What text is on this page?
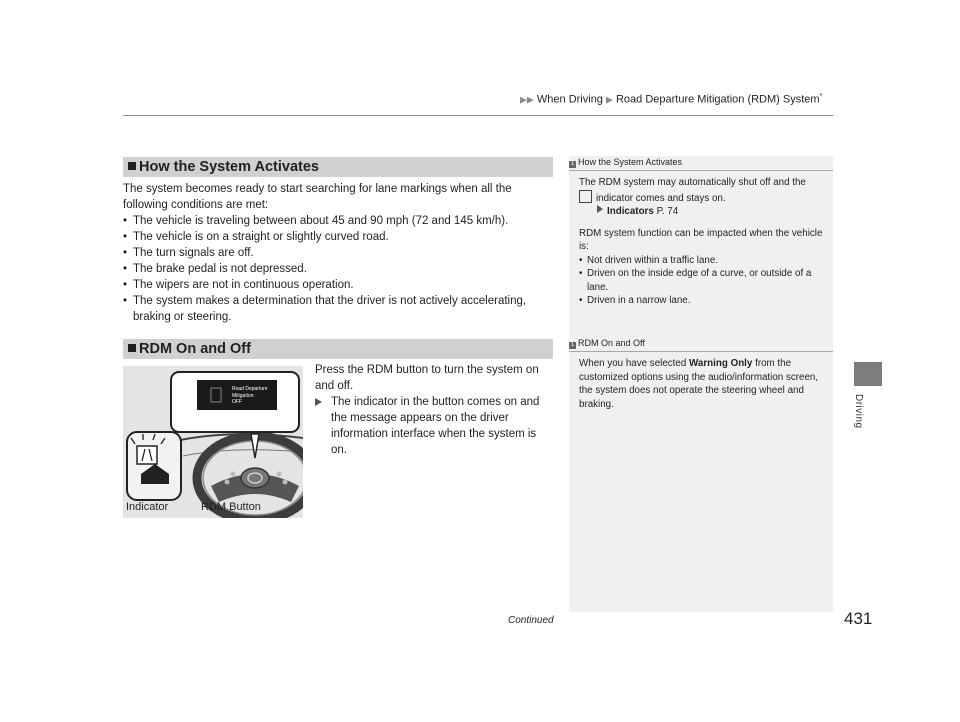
▶▶ When Driving ▶ Road Departure Mitigation (RDM) System*
Driving
How the System Activates
The system becomes ready to start searching for lane markings when all the following conditions are met:
• The vehicle is traveling between about 45 and 90 mph (72 and 145 km/h).
• The vehicle is on a straight or slightly curved road.
• The turn signals are off.
• The brake pedal is not depressed.
• The wipers are not in continuous operation.
• The system makes a determination that the driver is not actively accelerating, braking or steering.
RDM On and Off
Press the RDM button to turn the system on and off.
The indicator in the button comes on and the message appears on the driver information interface when the system is on.
Road Departure
Mitigation:
OFF
Indicator	RDM Button
1 How the System Activates
The RDM system may automatically shut off and the
indicator comes and stays on.
Indicators P. 74
RDM system function can be impacted when the vehicle is:
• Not driven within a traffic lane.
• Driven on the inside edge of a curve, or outside of a lane.
• Driven in a narrow lane.
1 RDM On and Off
When you have selected Warning Only from the customized options using the audio/information screen, the system does not operate the steering wheel and braking.
Continued	431
